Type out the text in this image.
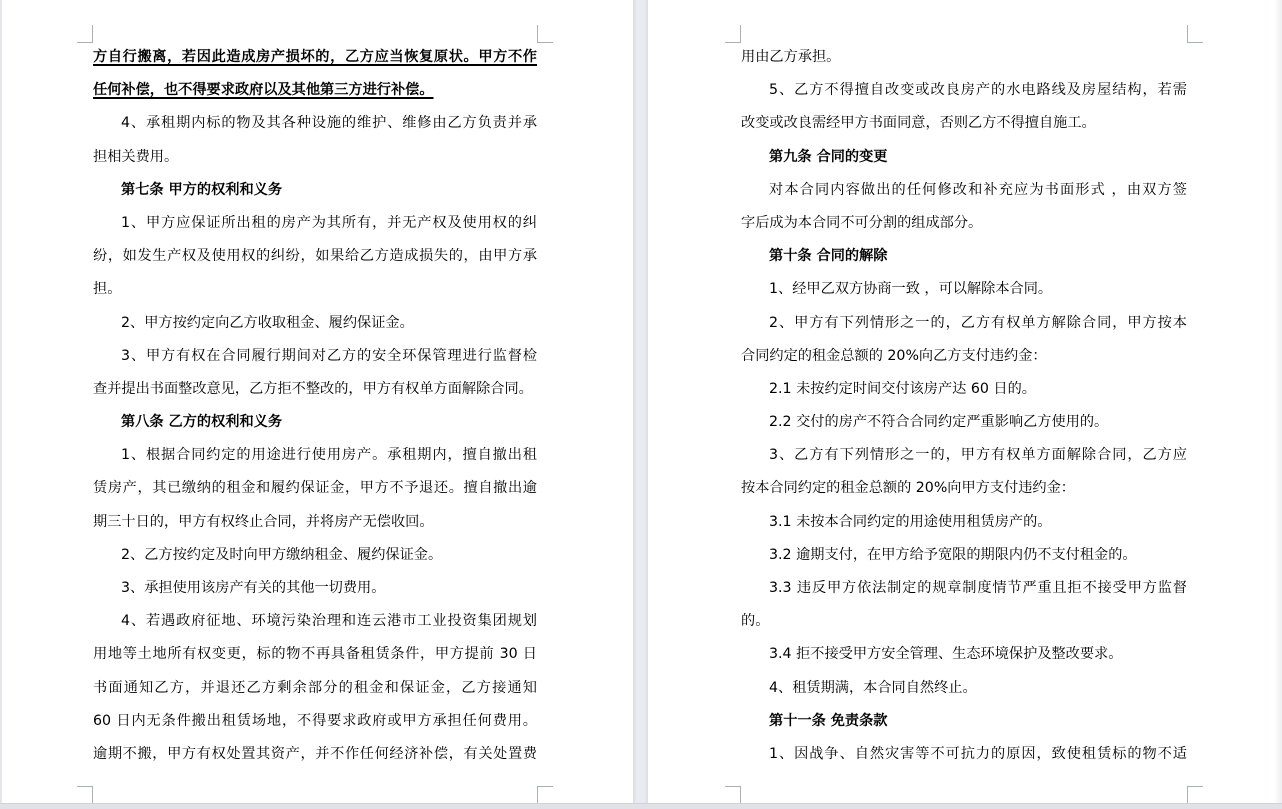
方自行搬离，若因此造成房产损坏的，乙方应当恢复原状。甲方不作
任何补偿，也不得要求政府以及其他第三方进行补偿。
4、承租期内标的物及其各种设施的维护、维修由乙方负责并承
担相关费用。
第七条 甲方的权利和义务
1、甲方应保证所出租的房产为其所有，并无产权及使用权的纠
纷，如发生产权及使用权的纠纷，如果给乙方造成损失的，由甲方承
担。
2、甲方按约定向乙方收取租金、履约保证金。
3、甲方有权在合同履行期间对乙方的安全环保管理进行监督检
查并提出书面整改意见，乙方拒不整改的，甲方有权单方面解除合同。
第八条 乙方的权利和义务
1、根据合同约定的用途进行使用房产。承租期内，擅自撤出租
赁房产，其已缴纳的租金和履约保证金，甲方不予退还。擅自撤出逾
期三十日的，甲方有权终止合同，并将房产无偿收回。
2、乙方按约定及时向甲方缴纳租金、履约保证金。
3、承担使用该房产有关的其他一切费用。
4、若遇政府征地、环境污染治理和连云港市工业投资集团规划
用地等土地所有权变更，标的物不再具备租赁条件，甲方提前 30 日
书面通知乙方，并退还乙方剩余部分的租金和保证金，乙方接通知
60 日内无条件搬出租赁场地，不得要求政府或甲方承担任何费用。
逾期不搬，甲方有权处置其资产，并不作任何经济补偿，有关处置费
用由乙方承担。
5、乙方不得擅自改变或改良房产的水电路线及房屋结构，若需
改变或改良需经甲方书面同意，否则乙方不得擅自施工。
第九条 合同的变更
对本合同内容做出的任何修改和补充应为书面形式 ，由双方签
字后成为本合同不可分割的组成部分。
第十条 合同的解除
1、经甲乙双方协商一致 ，可以解除本合同。
2、甲方有下列情形之一的，乙方有权单方解除合同，甲方按本
合同约定的租金总额的 20%向乙方支付违约金：
2.1 未按约定时间交付该房产达 60 日的。
2.2 交付的房产不符合合同约定严重影响乙方使用的。
3、乙方有下列情形之一的，甲方有权单方面解除合同，乙方应
按本合同约定的租金总额的 20%向甲方支付违约金：
3.1 未按本合同约定的用途使用租赁房产的。
3.2 逾期支付，在甲方给予宽限的期限内仍不支付租金的。
3.3 违反甲方依法制定的规章制度情节严重且拒不接受甲方监督
的。
3.4 拒不接受甲方安全管理、生态环境保护及整改要求。
4、租赁期满，本合同自然终止。
第十一条 免责条款
1、因战争、自然灾害等不可抗力的原因，致使租赁标的物不适
